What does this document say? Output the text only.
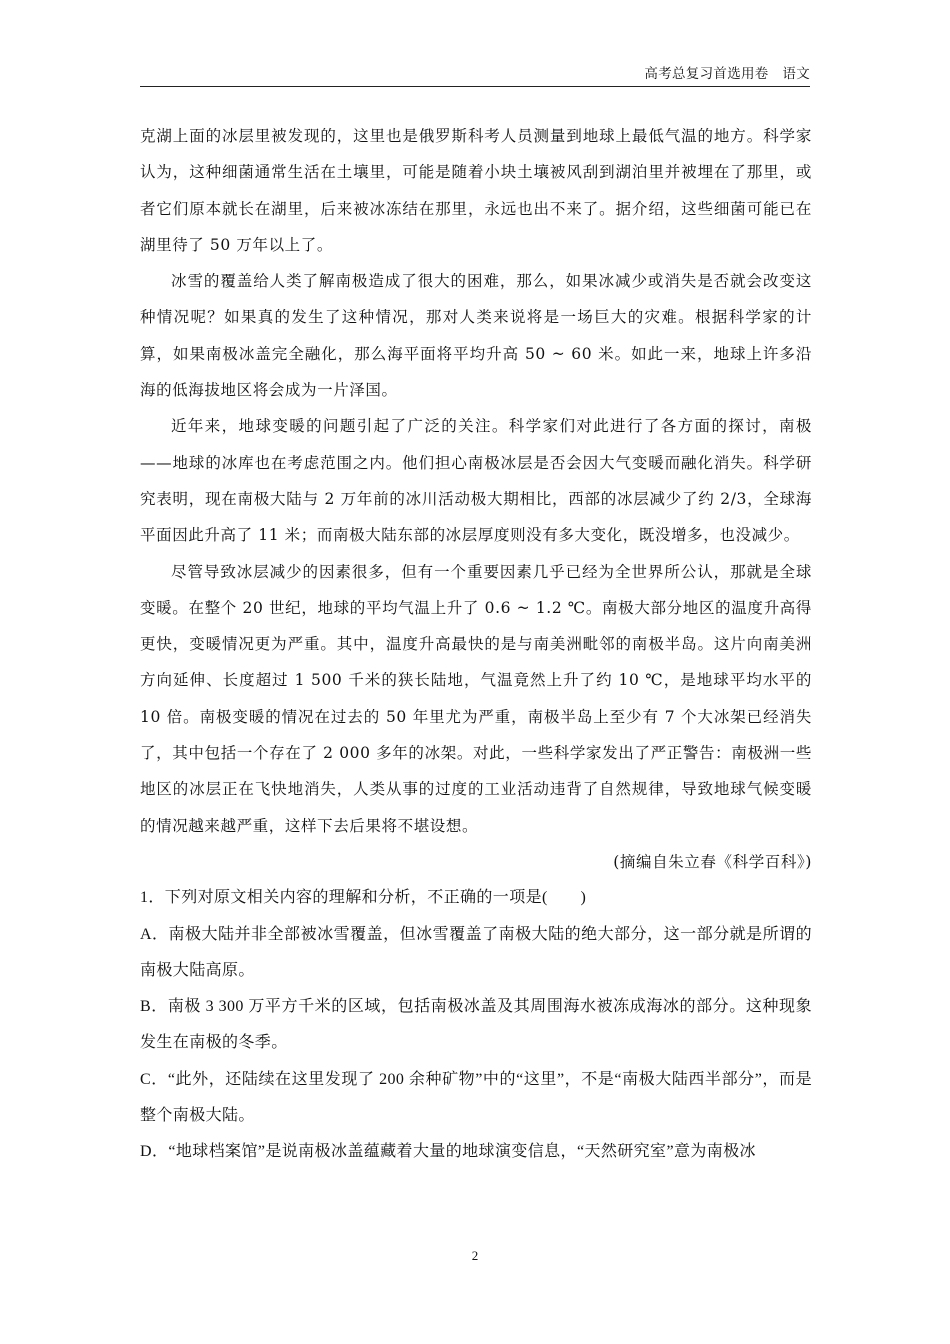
高考总复习首选用卷　语文

克湖上面的冰层里被发现的，这里也是俄罗斯科考人员测量到地球上最低气温的地方。科学家认为，这种细菌通常生活在土壤里，可能是随着小块土壤被风刮到湖泊里并被埋在了那里，或者它们原本就长在湖里，后来被冰冻结在那里，永远也出不来了。据介绍，这些细菌可能已在湖里待了 50 万年以上了。

冰雪的覆盖给人类了解南极造成了很大的困难，那么，如果冰减少或消失是否就会改变这种情况呢？如果真的发生了这种情况，那对人类来说将是一场巨大的灾难。根据科学家的计算，如果南极冰盖完全融化，那么海平面将平均升高 50 ~ 60 米。如此一来，地球上许多沿海的低海拔地区将会成为一片泽国。

近年来，地球变暖的问题引起了广泛的关注。科学家们对此进行了各方面的探讨，南极——地球的冰库也在考虑范围之内。他们担心南极冰层是否会因大气变暖而融化消失。科学研究表明，现在南极大陆与 2 万年前的冰川活动极大期相比，西部的冰层减少了约 2/3，全球海平面因此升高了 11 米；而南极大陆东部的冰层厚度则没有多大变化，既没增多，也没减少。

尽管导致冰层减少的因素很多，但有一个重要因素几乎已经为全世界所公认，那就是全球变暖。在整个 20 世纪，地球的平均气温上升了 0.6 ~ 1.2 ℃。南极大部分地区的温度升高得更快，变暖情况更为严重。其中，温度升高最快的是与南美洲毗邻的南极半岛。这片向南美洲方向延伸、长度超过 1 500 千米的狭长陆地，气温竟然上升了约 10 ℃，是地球平均水平的 10 倍。南极变暖的情况在过去的 50 年里尤为严重，南极半岛上至少有 7 个大冰架已经消失了，其中包括一个存在了 2 000 多年的冰架。对此，一些科学家发出了严正警告：南极洲一些地区的冰层正在飞快地消失，人类从事的过度的工业活动违背了自然规律，导致地球气候变暖的情况越来越严重，这样下去后果将不堪设想。

(摘编自朱立春《科学百科》)

1．下列对原文相关内容的理解和分析，不正确的一项是(　　)

A．南极大陆并非全部被冰雪覆盖，但冰雪覆盖了南极大陆的绝大部分，这一部分就是所谓的南极大陆高原。

B．南极 3 300 万平方千米的区域，包括南极冰盖及其周围海水被冻成海冰的部分。这种现象发生在南极的冬季。

C．“此外，还陆续在这里发现了 200 余种矿物”中的“这里”，不是“南极大陆西半部分”，而是整个南极大陆。

D．“地球档案馆”是说南极冰盖蕴藏着大量的地球演变信息，“天然研究室”意为南极冰

2
